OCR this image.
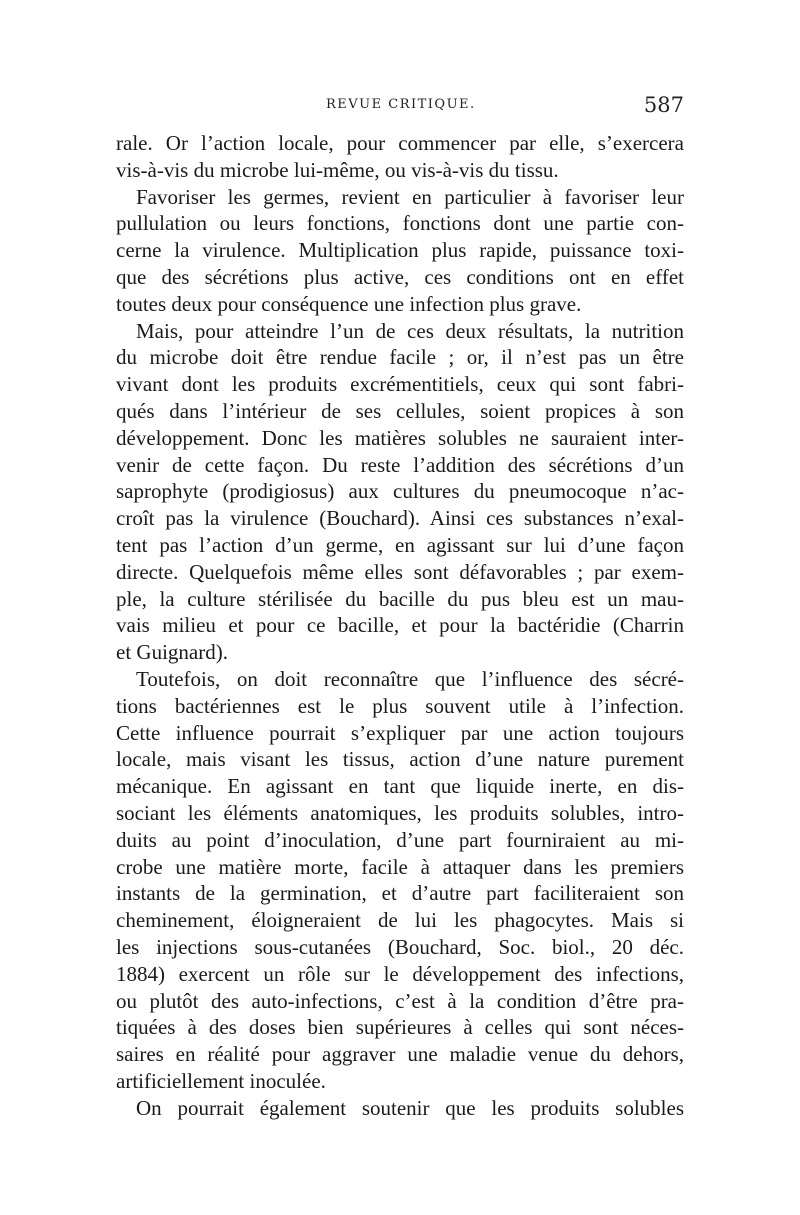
REVUE CRITIQUE.	587
rale. Or l’action locale, pour commencer par elle, s’exercera
vis-à-vis du microbe lui-même, ou vis-à-vis du tissu.
Favoriser les germes, revient en particulier à favoriser leur
pullulation ou leurs fonctions, fonctions dont une partie con-
cerne la virulence. Multiplication plus rapide, puissance toxi-
que des sécrétions plus active, ces conditions ont en effet
toutes deux pour conséquence une infection plus grave.
Mais, pour atteindre l’un de ces deux résultats, la nutrition
du microbe doit être rendue facile ; or, il n’est pas un être
vivant dont les produits excrémentitiels, ceux qui sont fabri-
qués dans l’intérieur de ses cellules, soient propices à son
développement. Donc les matières solubles ne sauraient inter-
venir de cette façon. Du reste l’addition des sécrétions d’un
saprophyte (prodigiosus) aux cultures du pneumocoque n’ac-
croît pas la virulence (Bouchard). Ainsi ces substances n’exal-
tent pas l’action d’un germe, en agissant sur lui d’une façon
directe. Quelquefois même elles sont défavorables ; par exem-
ple, la culture stérilisée du bacille du pus bleu est un mau-
vais milieu et pour ce bacille, et pour la bactéridie (Charrin
et Guignard).
Toutefois, on doit reconnaître que l’influence des sécré-
tions bactériennes est le plus souvent utile à l’infection.
Cette influence pourrait s’expliquer par une action toujours
locale, mais visant les tissus, action d’une nature purement
mécanique. En agissant en tant que liquide inerte, en dis-
sociant les éléments anatomiques, les produits solubles, intro-
duits au point d’inoculation, d’une part fourniraient au mi-
crobe une matière morte, facile à attaquer dans les premiers
instants de la germination, et d’autre part faciliteraient son
cheminement, éloigneraient de lui les phagocytes. Mais si
les injections sous-cutanées (Bouchard, Soc. biol., 20 déc.
1884) exercent un rôle sur le développement des infections,
ou plutôt des auto-infections, c’est à la condition d’être pra-
tiquées à des doses bien supérieures à celles qui sont néces-
saires en réalité pour aggraver une maladie venue du dehors,
artificiellement inoculée.
On pourrait également soutenir que les produits solubles
